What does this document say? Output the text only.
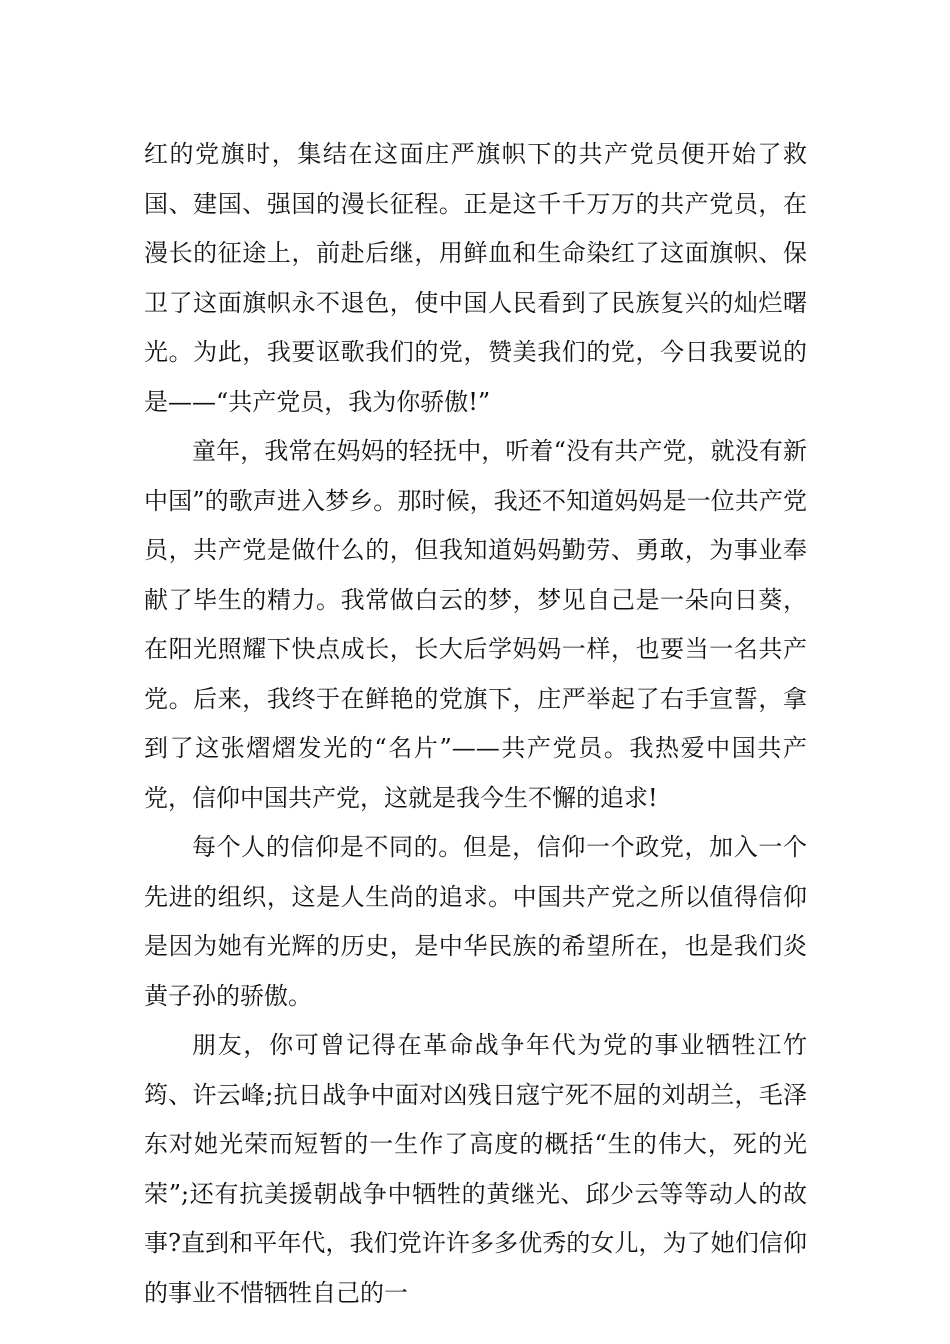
红的党旗时，集结在这面庄严旗帜下的共产党员便开始了救国、建国、强国的漫长征程。正是这千千万万的共产党员，在漫长的征途上，前赴后继，用鲜血和生命染红了这面旗帜、保卫了这面旗帜永不退色，使中国人民看到了民族复兴的灿烂曙光。为此，我要讴歌我们的党，赞美我们的党，今日我要说的是——“共产党员，我为你骄傲!”

童年，我常在妈妈的轻抚中，听着“没有共产党，就没有新中国”的歌声进入梦乡。那时候，我还不知道妈妈是一位共产党员，共产党是做什么的，但我知道妈妈勤劳、勇敢，为事业奉献了毕生的精力。我常做白云的梦，梦见自己是一朵向日葵，在阳光照耀下快点成长，长大后学妈妈一样，也要当一名共产党。后来，我终于在鲜艳的党旗下，庄严举起了右手宣誓，拿到了这张熠熠发光的“名片”——共产党员。我热爱中国共产党，信仰中国共产党，这就是我今生不懈的追求!

每个人的信仰是不同的。但是，信仰一个政党，加入一个先进的组织，这是人生尚的追求。中国共产党之所以值得信仰是因为她有光辉的历史，是中华民族的希望所在，也是我们炎黄子孙的骄傲。

朋友，你可曾记得在革命战争年代为党的事业牺牲江竹筠、许云峰;抗日战争中面对凶残日寇宁死不屈的刘胡兰，毛泽东对她光荣而短暂的一生作了高度的概括“生的伟大，死的光荣”;还有抗美援朝战争中牺牲的黄继光、邱少云等等动人的故事?直到和平年代，我们党许许多多优秀的女儿，为了她们信仰的事业不惜牺牲自己的一
